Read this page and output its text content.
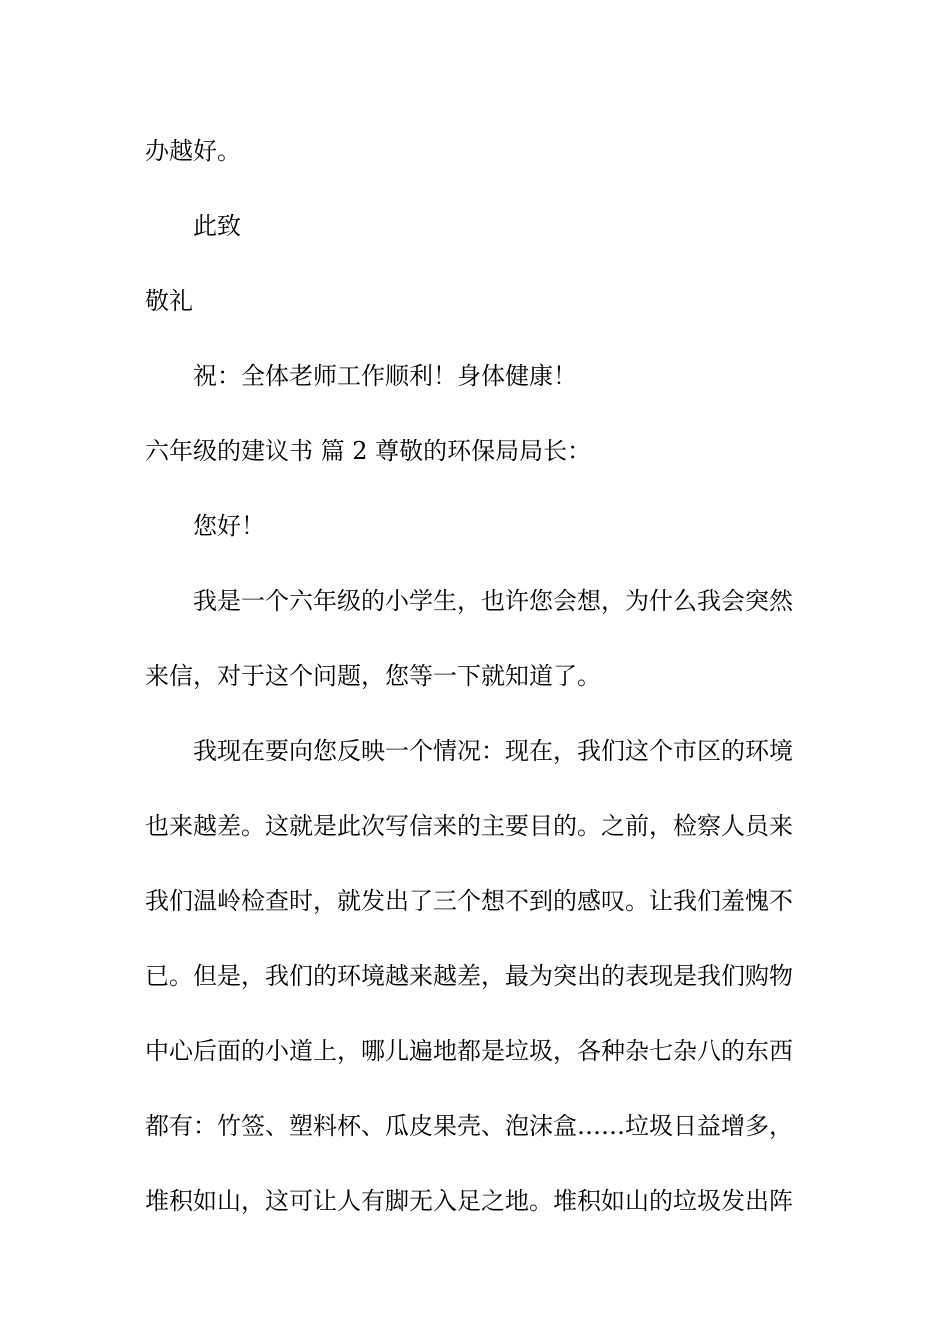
办越好。
此致
敬礼
祝：全体老师工作顺利！身体健康！
六年级的建议书 篇 2 尊敬的环保局局长：
您好！
我是一个六年级的小学生，也许您会想，为什么我会突然
来信，对于这个问题，您等一下就知道了。
我现在要向您反映一个情况：现在，我们这个市区的环境
也来越差。这就是此次写信来的主要目的。之前，检察人员来
我们温岭检查时，就发出了三个想不到的感叹。让我们羞愧不
已。但是，我们的环境越来越差，最为突出的表现是我们购物
中心后面的小道上，哪儿遍地都是垃圾，各种杂七杂八的东西
都有：竹签、塑料杯、瓜皮果壳、泡沫盒……垃圾日益增多，
堆积如山，这可让人有脚无入足之地。堆积如山的垃圾发出阵
